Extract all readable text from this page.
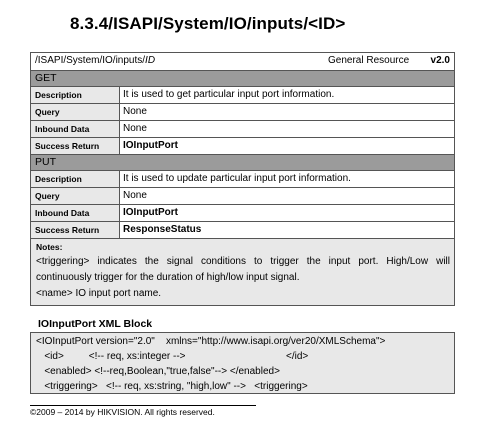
8.3.4/ISAPI/System/IO/inputs/<ID>
/ISAPI/System/IO/inputs/ID	General Resource v2.0
GET
Description	It is used to get particular input port information.
Query	None
Inbound Data	None
Success Return	IOInputPort
PUT
Description	It is used to update particular input port information.
Query	None
Inbound Data	IOInputPort
Success Return	ResponseStatus
Notes:
<triggering> indicates the signal conditions to trigger the input port. High/Low will continuously trigger for the duration of high/low input signal.
<name> IO input port name.
IOInputPort XML Block
<IOInputPort version="2.0"    xmlns="http://www.isapi.org/ver20/XMLSchema">
<id>         <!-- req, xs:integer -->	</id>
<enabled> <!--req,Boolean,"true,false"--> </enabled>
<triggering>   <!-- req, xs:string, "high,low" -->   <triggering>
©2009 – 2014 by HIKVISION. All rights reserved.
